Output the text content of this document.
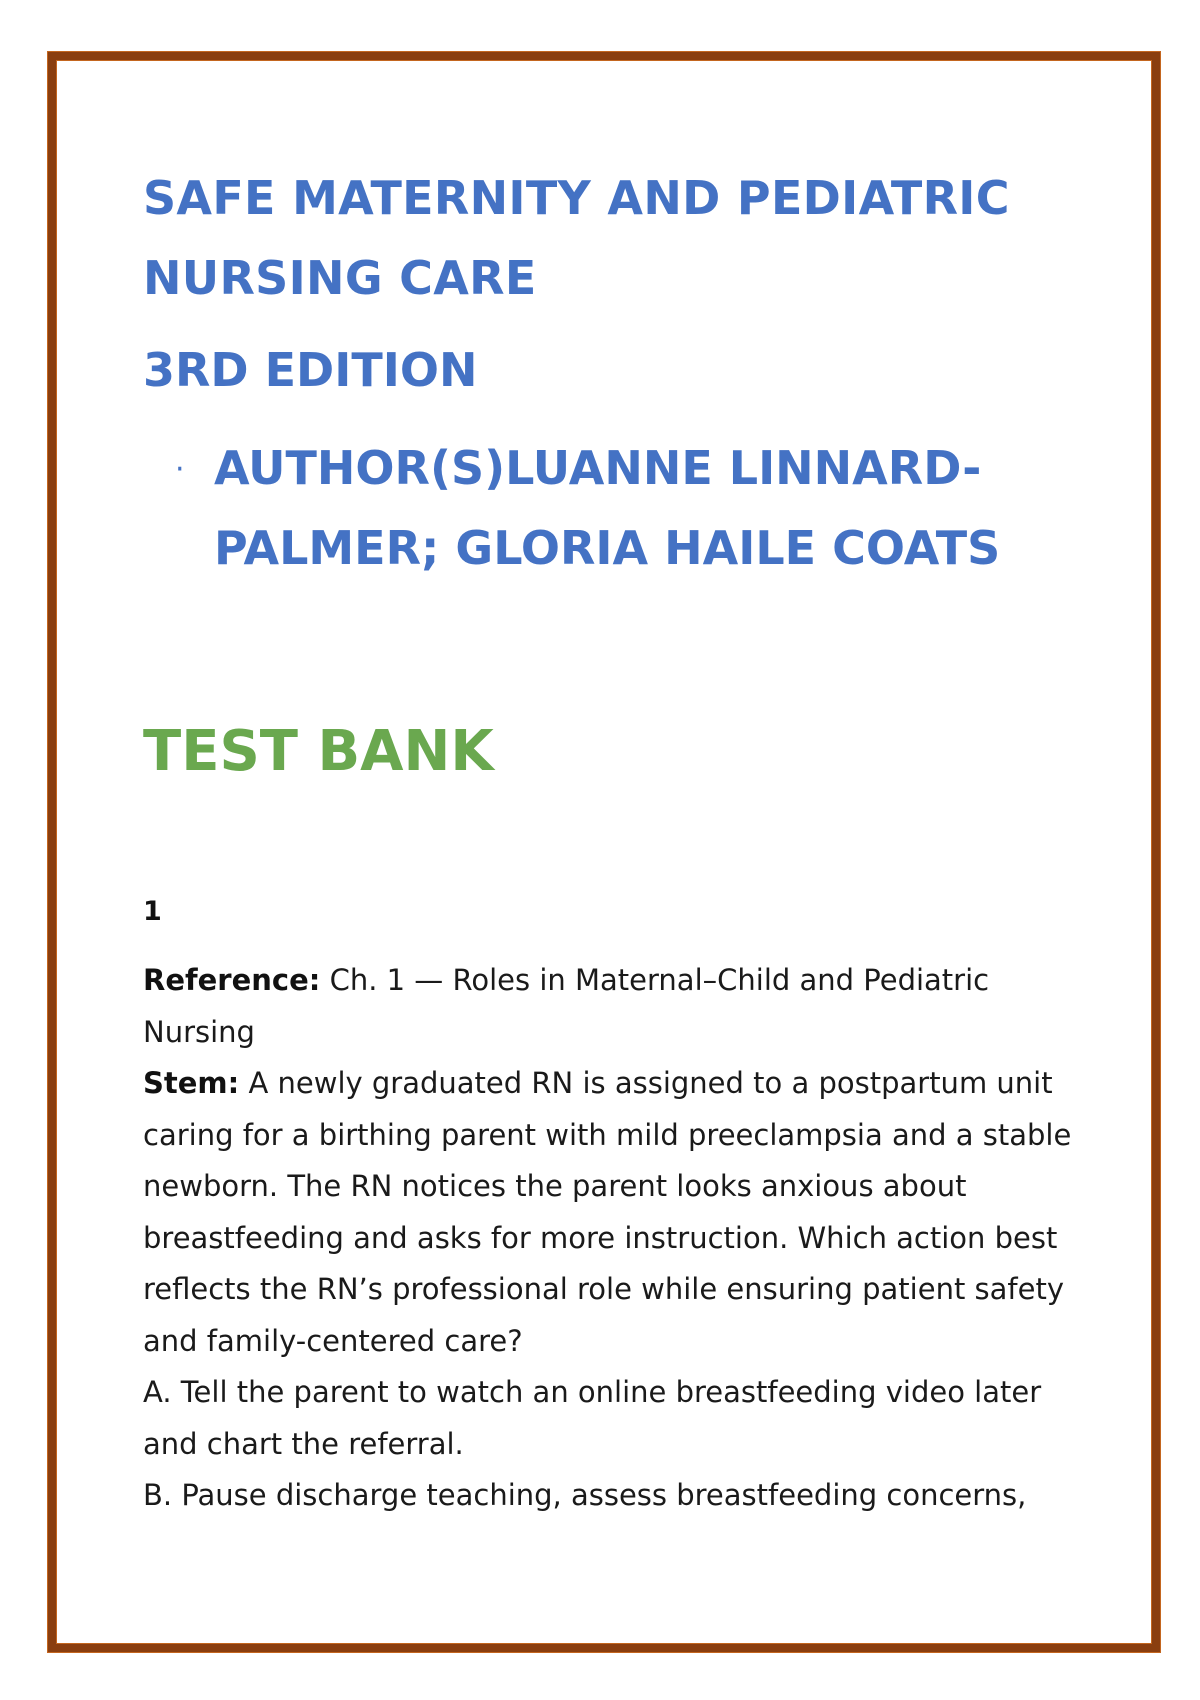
SAFE MATERNITY AND PEDIATRIC
NURSING CARE
3RD EDITION
· AUTHOR(S)LUANNE LINNARD-
PALMER; GLORIA HAILE COATS
TEST BANK
1
Reference: Ch. 1 — Roles in Maternal–Child and Pediatric
Nursing
Stem: A newly graduated RN is assigned to a postpartum unit
caring for a birthing parent with mild preeclampsia and a stable
newborn. The RN notices the parent looks anxious about
breastfeeding and asks for more instruction. Which action best
reflects the RN’s professional role while ensuring patient safety
and family-centered care?
A. Tell the parent to watch an online breastfeeding video later
and chart the referral.
B. Pause discharge teaching, assess breastfeeding concerns,
